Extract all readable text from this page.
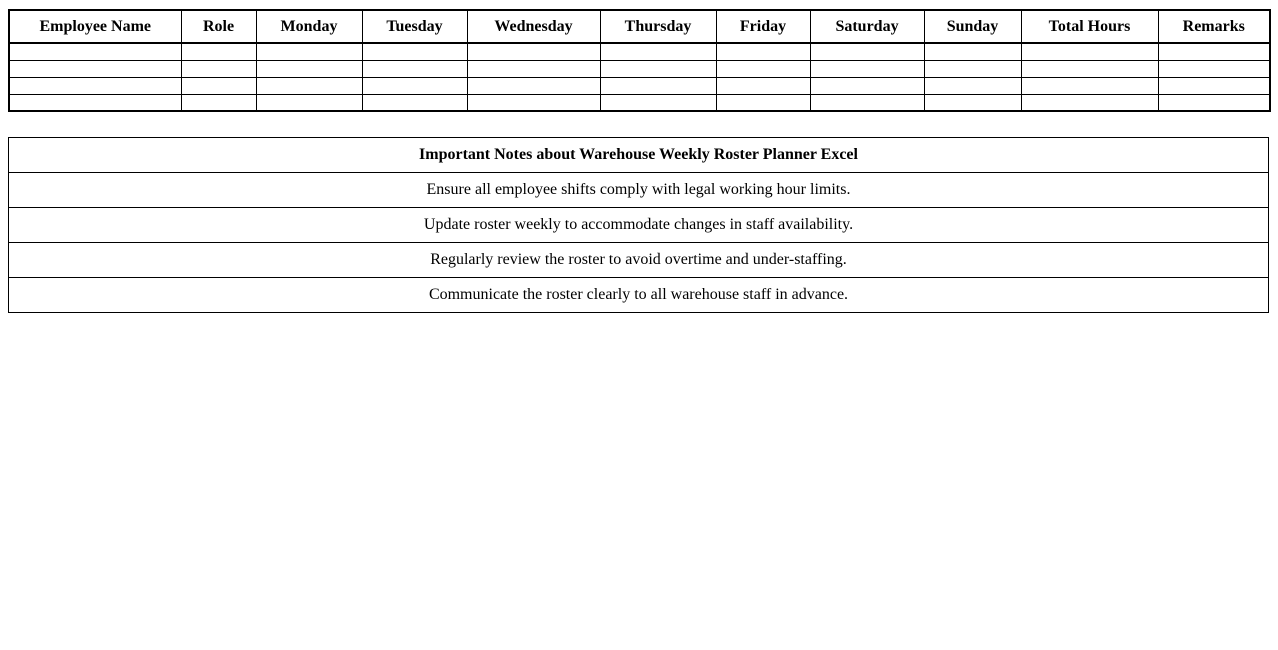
Employee Name	Role	Monday	Tuesday	Wednesday	Thursday	Friday	Saturday	Sunday	Total Hours	Remarks

Important Notes about Warehouse Weekly Roster Planner Excel
Ensure all employee shifts comply with legal working hour limits.
Update roster weekly to accommodate changes in staff availability.
Regularly review the roster to avoid overtime and under-staffing.
Communicate the roster clearly to all warehouse staff in advance.
